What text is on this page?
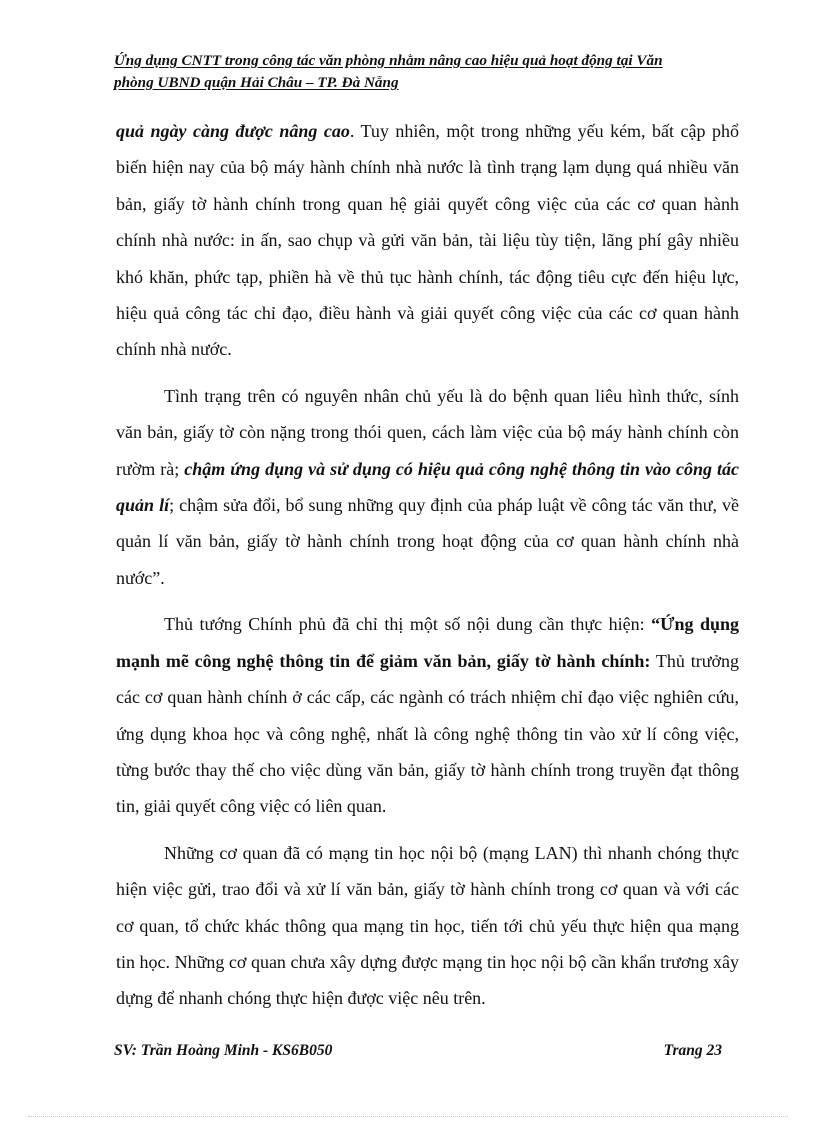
Ứng dụng CNTT trong công tác văn phòng nhằm nâng cao hiệu quả hoạt động tại Văn
phòng UBND quận Hải Châu – TP. Đà Nẵng

quả ngày càng được nâng cao. Tuy nhiên, một trong những yếu kém, bất cập phổ biến hiện nay của bộ máy hành chính nhà nước là tình trạng lạm dụng quá nhiều văn bản, giấy tờ hành chính trong quan hệ giải quyết công việc của các cơ quan hành chính nhà nước: in ấn, sao chụp và gửi văn bản, tài liệu tùy tiện, lãng phí gây nhiều khó khăn, phức tạp, phiền hà về thủ tục hành chính, tác động tiêu cực đến hiệu lực, hiệu quả công tác chỉ đạo, điều hành và giải quyết công việc của các cơ quan hành chính nhà nước.

Tình trạng trên có nguyên nhân chủ yếu là do bệnh quan liêu hình thức, sính văn bản, giấy tờ còn nặng trong thói quen, cách làm việc của bộ máy hành chính còn rườm rà; chậm ứng dụng và sử dụng có hiệu quả công nghệ thông tin vào công tác quản lí; chậm sửa đổi, bổ sung những quy định của pháp luật về công tác văn thư, về quản lí văn bản, giấy tờ hành chính trong hoạt động của cơ quan hành chính nhà nước”.

Thủ tướng Chính phủ đã chỉ thị một số nội dung cần thực hiện: “Ứng dụng mạnh mẽ công nghệ thông tin để giảm văn bản, giấy tờ hành chính: Thủ trưởng các cơ quan hành chính ở các cấp, các ngành có trách nhiệm chỉ đạo việc nghiên cứu, ứng dụng khoa học và công nghệ, nhất là công nghệ thông tin vào xử lí công việc, từng bước thay thế cho việc dùng văn bản, giấy tờ hành chính trong truyền đạt thông tin, giải quyết công việc có liên quan.

Những cơ quan đã có mạng tin học nội bộ (mạng LAN) thì nhanh chóng thực hiện việc gửi, trao đổi và xử lí văn bản, giấy tờ hành chính trong cơ quan và với các cơ quan, tổ chức khác thông qua mạng tin học, tiến tới chủ yếu thực hiện qua mạng tin học. Những cơ quan chưa xây dựng được mạng tin học nội bộ cần khẩn trương xây dựng để nhanh chóng thực hiện được việc nêu trên.

SV: Trần Hoàng Minh - KS6B050	Trang 23
